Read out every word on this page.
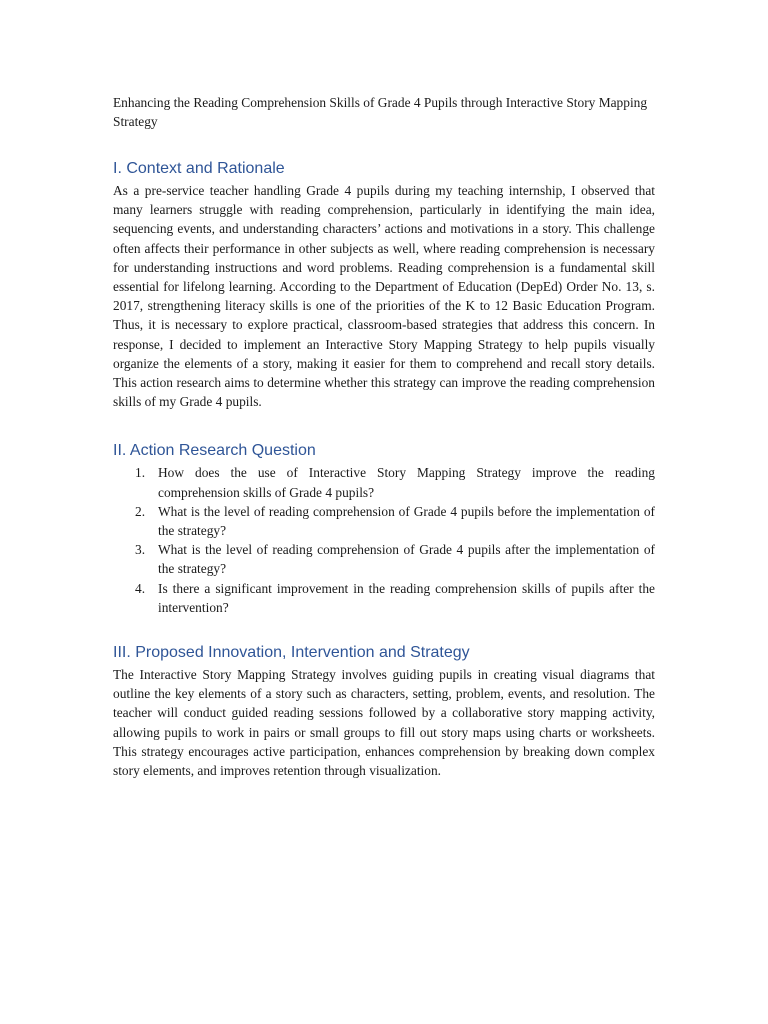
Enhancing the Reading Comprehension Skills of Grade 4 Pupils through Interactive Story Mapping Strategy

I. Context and Rationale

As a pre-service teacher handling Grade 4 pupils during my teaching internship, I observed that many learners struggle with reading comprehension, particularly in identifying the main idea, sequencing events, and understanding characters’ actions and motivations in a story. This challenge often affects their performance in other subjects as well, where reading comprehension is necessary for understanding instructions and word problems. Reading comprehension is a fundamental skill essential for lifelong learning. According to the Department of Education (DepEd) Order No. 13, s. 2017, strengthening literacy skills is one of the priorities of the K to 12 Basic Education Program. Thus, it is necessary to explore practical, classroom-based strategies that address this concern. In response, I decided to implement an Interactive Story Mapping Strategy to help pupils visually organize the elements of a story, making it easier for them to comprehend and recall story details. This action research aims to determine whether this strategy can improve the reading comprehension skills of my Grade 4 pupils.

II. Action Research Question
1. How does the use of Interactive Story Mapping Strategy improve the reading comprehension skills of Grade 4 pupils?
2. What is the level of reading comprehension of Grade 4 pupils before the implementation of the strategy?
3. What is the level of reading comprehension of Grade 4 pupils after the implementation of the strategy?
4. Is there a significant improvement in the reading comprehension skills of pupils after the intervention?
III. Proposed Innovation, Intervention and Strategy

The Interactive Story Mapping Strategy involves guiding pupils in creating visual diagrams that outline the key elements of a story such as characters, setting, problem, events, and resolution. The teacher will conduct guided reading sessions followed by a collaborative story mapping activity, allowing pupils to work in pairs or small groups to fill out story maps using charts or worksheets. This strategy encourages active participation, enhances comprehension by breaking down complex story elements, and improves retention through visualization.
